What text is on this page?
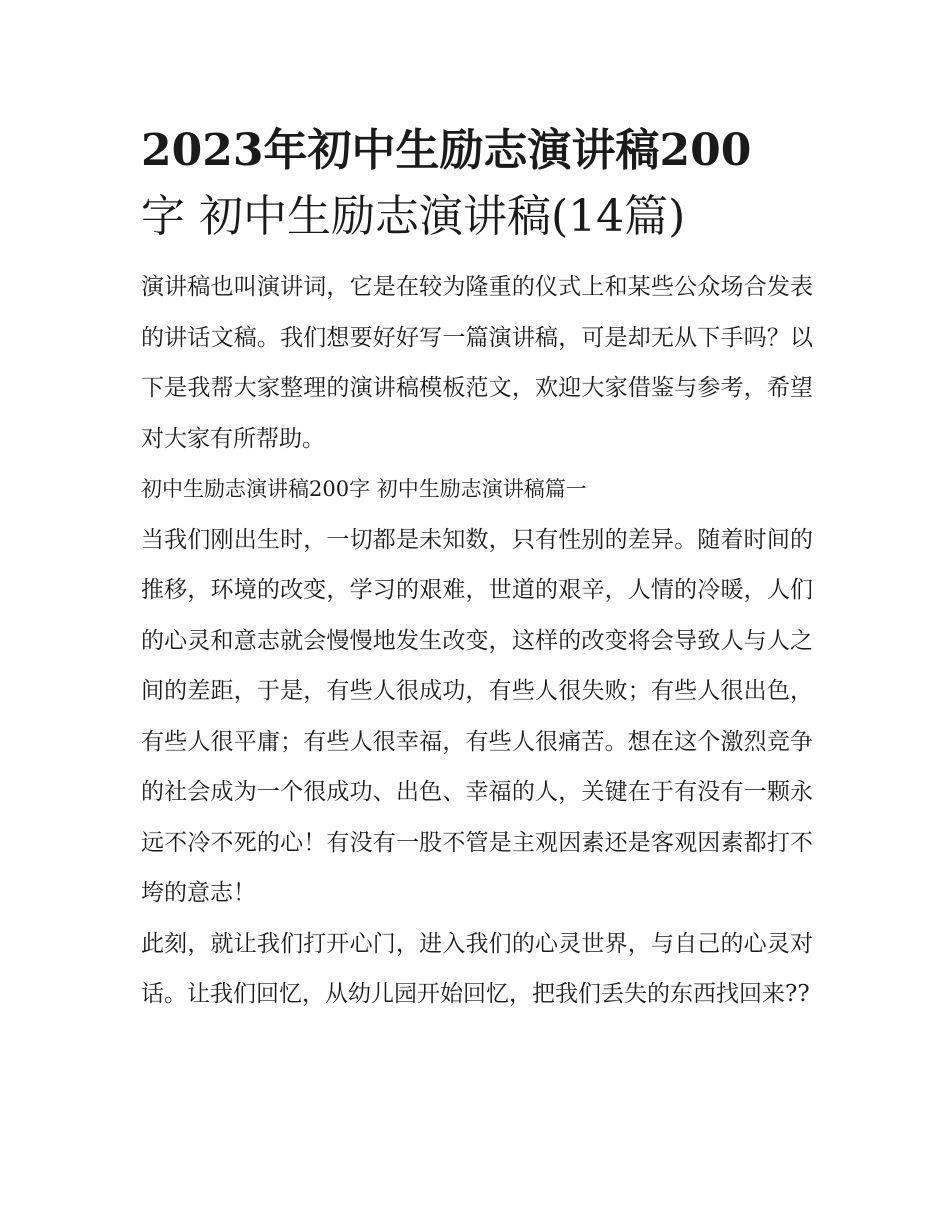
2023年初中生励志演讲稿200
字 初中生励志演讲稿(14篇)

演讲稿也叫演讲词，它是在较为隆重的仪式上和某些公众场合发表的讲话文稿。我们想要好好写一篇演讲稿，可是却无从下手吗？以下是我帮大家整理的演讲稿模板范文，欢迎大家借鉴与参考，希望对大家有所帮助。

初中生励志演讲稿200字 初中生励志演讲稿篇一

当我们刚出生时，一切都是未知数，只有性别的差异。随着时间的推移，环境的改变，学习的艰难，世道的艰辛，人情的冷暖，人们的心灵和意志就会慢慢地发生改变，这样的改变将会导致人与人之间的差距，于是，有些人很成功，有些人很失败；有些人很出色，有些人很平庸；有些人很幸福，有些人很痛苦。想在这个激烈竞争的社会成为一个很成功、出色、幸福的人，关键在于有没有一颗永远不冷不死的心！有没有一股不管是主观因素还是客观因素都打不垮的意志！

此刻，就让我们打开心门，进入我们的心灵世界，与自己的心灵对话。让我们回忆，从幼儿园开始回忆，把我们丢失的东西找回来??
